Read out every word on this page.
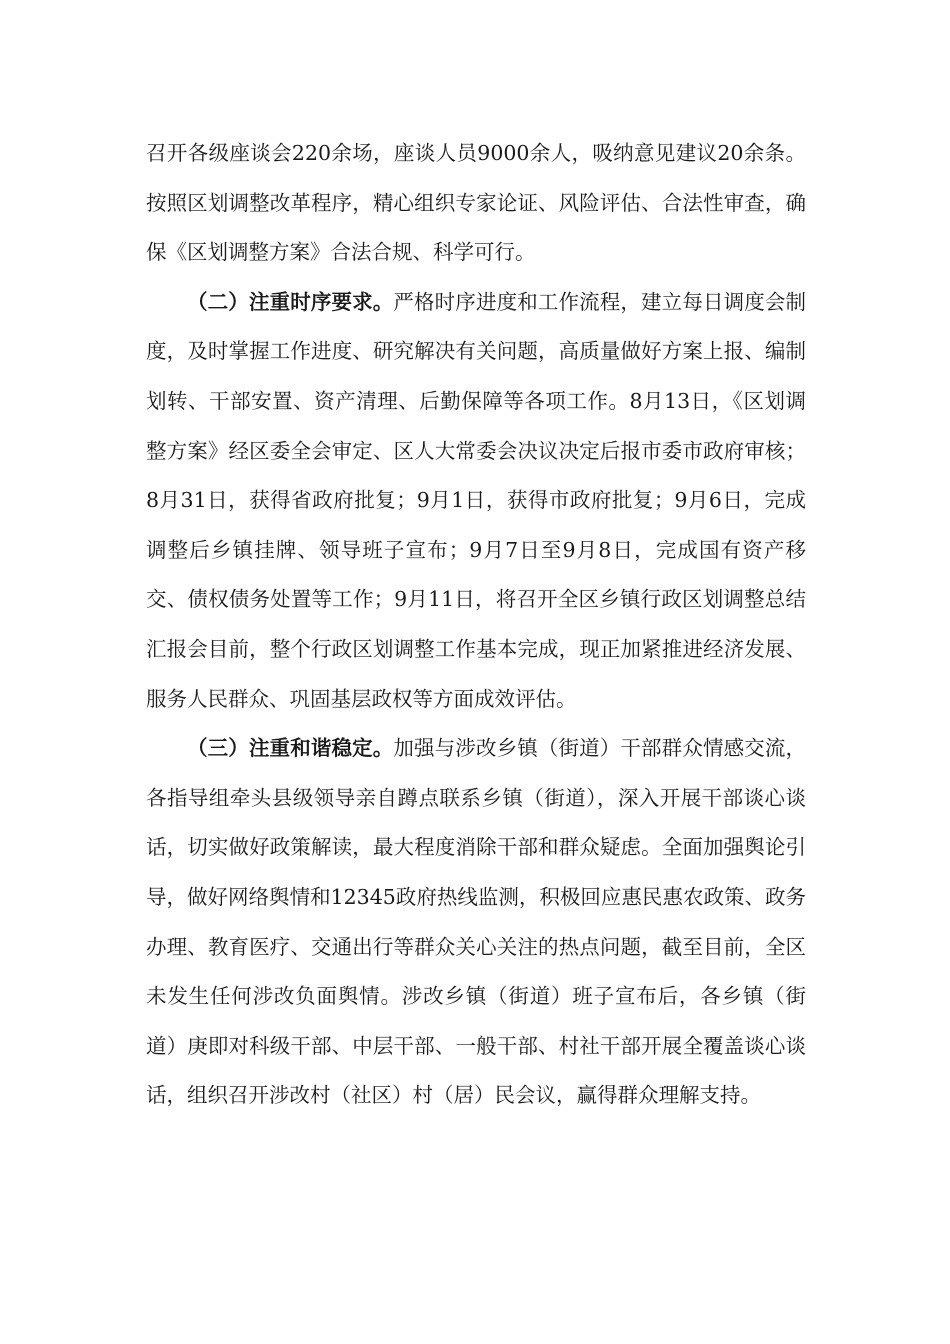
召开各级座谈会220余场，座谈人员9000余人，吸纳意见建议20余条。按照区划调整改革程序，精心组织专家论证、风险评估、合法性审查，确保《区划调整方案》合法合规、科学可行。

（二）注重时序要求。严格时序进度和工作流程，建立每日调度会制度，及时掌握工作进度、研究解决有关问题，高质量做好方案上报、编制划转、干部安置、资产清理、后勤保障等各项工作。8月13日，《区划调整方案》经区委全会审定、区人大常委会决议决定后报市委市政府审核；8月31日，获得省政府批复；9月1日，获得市政府批复；9月6日，完成调整后乡镇挂牌、领导班子宣布；9月7日至9月8日，完成国有资产移交、债权债务处置等工作；9月11日，将召开全区乡镇行政区划调整总结汇报会目前，整个行政区划调整工作基本完成，现正加紧推进经济发展、服务人民群众、巩固基层政权等方面成效评估。

（三）注重和谐稳定。加强与涉改乡镇（街道）干部群众情感交流，各指导组牵头县级领导亲自蹲点联系乡镇（街道），深入开展干部谈心谈话，切实做好政策解读，最大程度消除干部和群众疑虑。全面加强舆论引导，做好网络舆情和12345政府热线监测，积极回应惠民惠农政策、政务办理、教育医疗、交通出行等群众关心关注的热点问题，截至目前，全区未发生任何涉改负面舆情。涉改乡镇（街道）班子宣布后，各乡镇（街道）庚即对科级干部、中层干部、一般干部、村社干部开展全覆盖谈心谈话，组织召开涉改村（社区）村（居）民会议，赢得群众理解支持。
